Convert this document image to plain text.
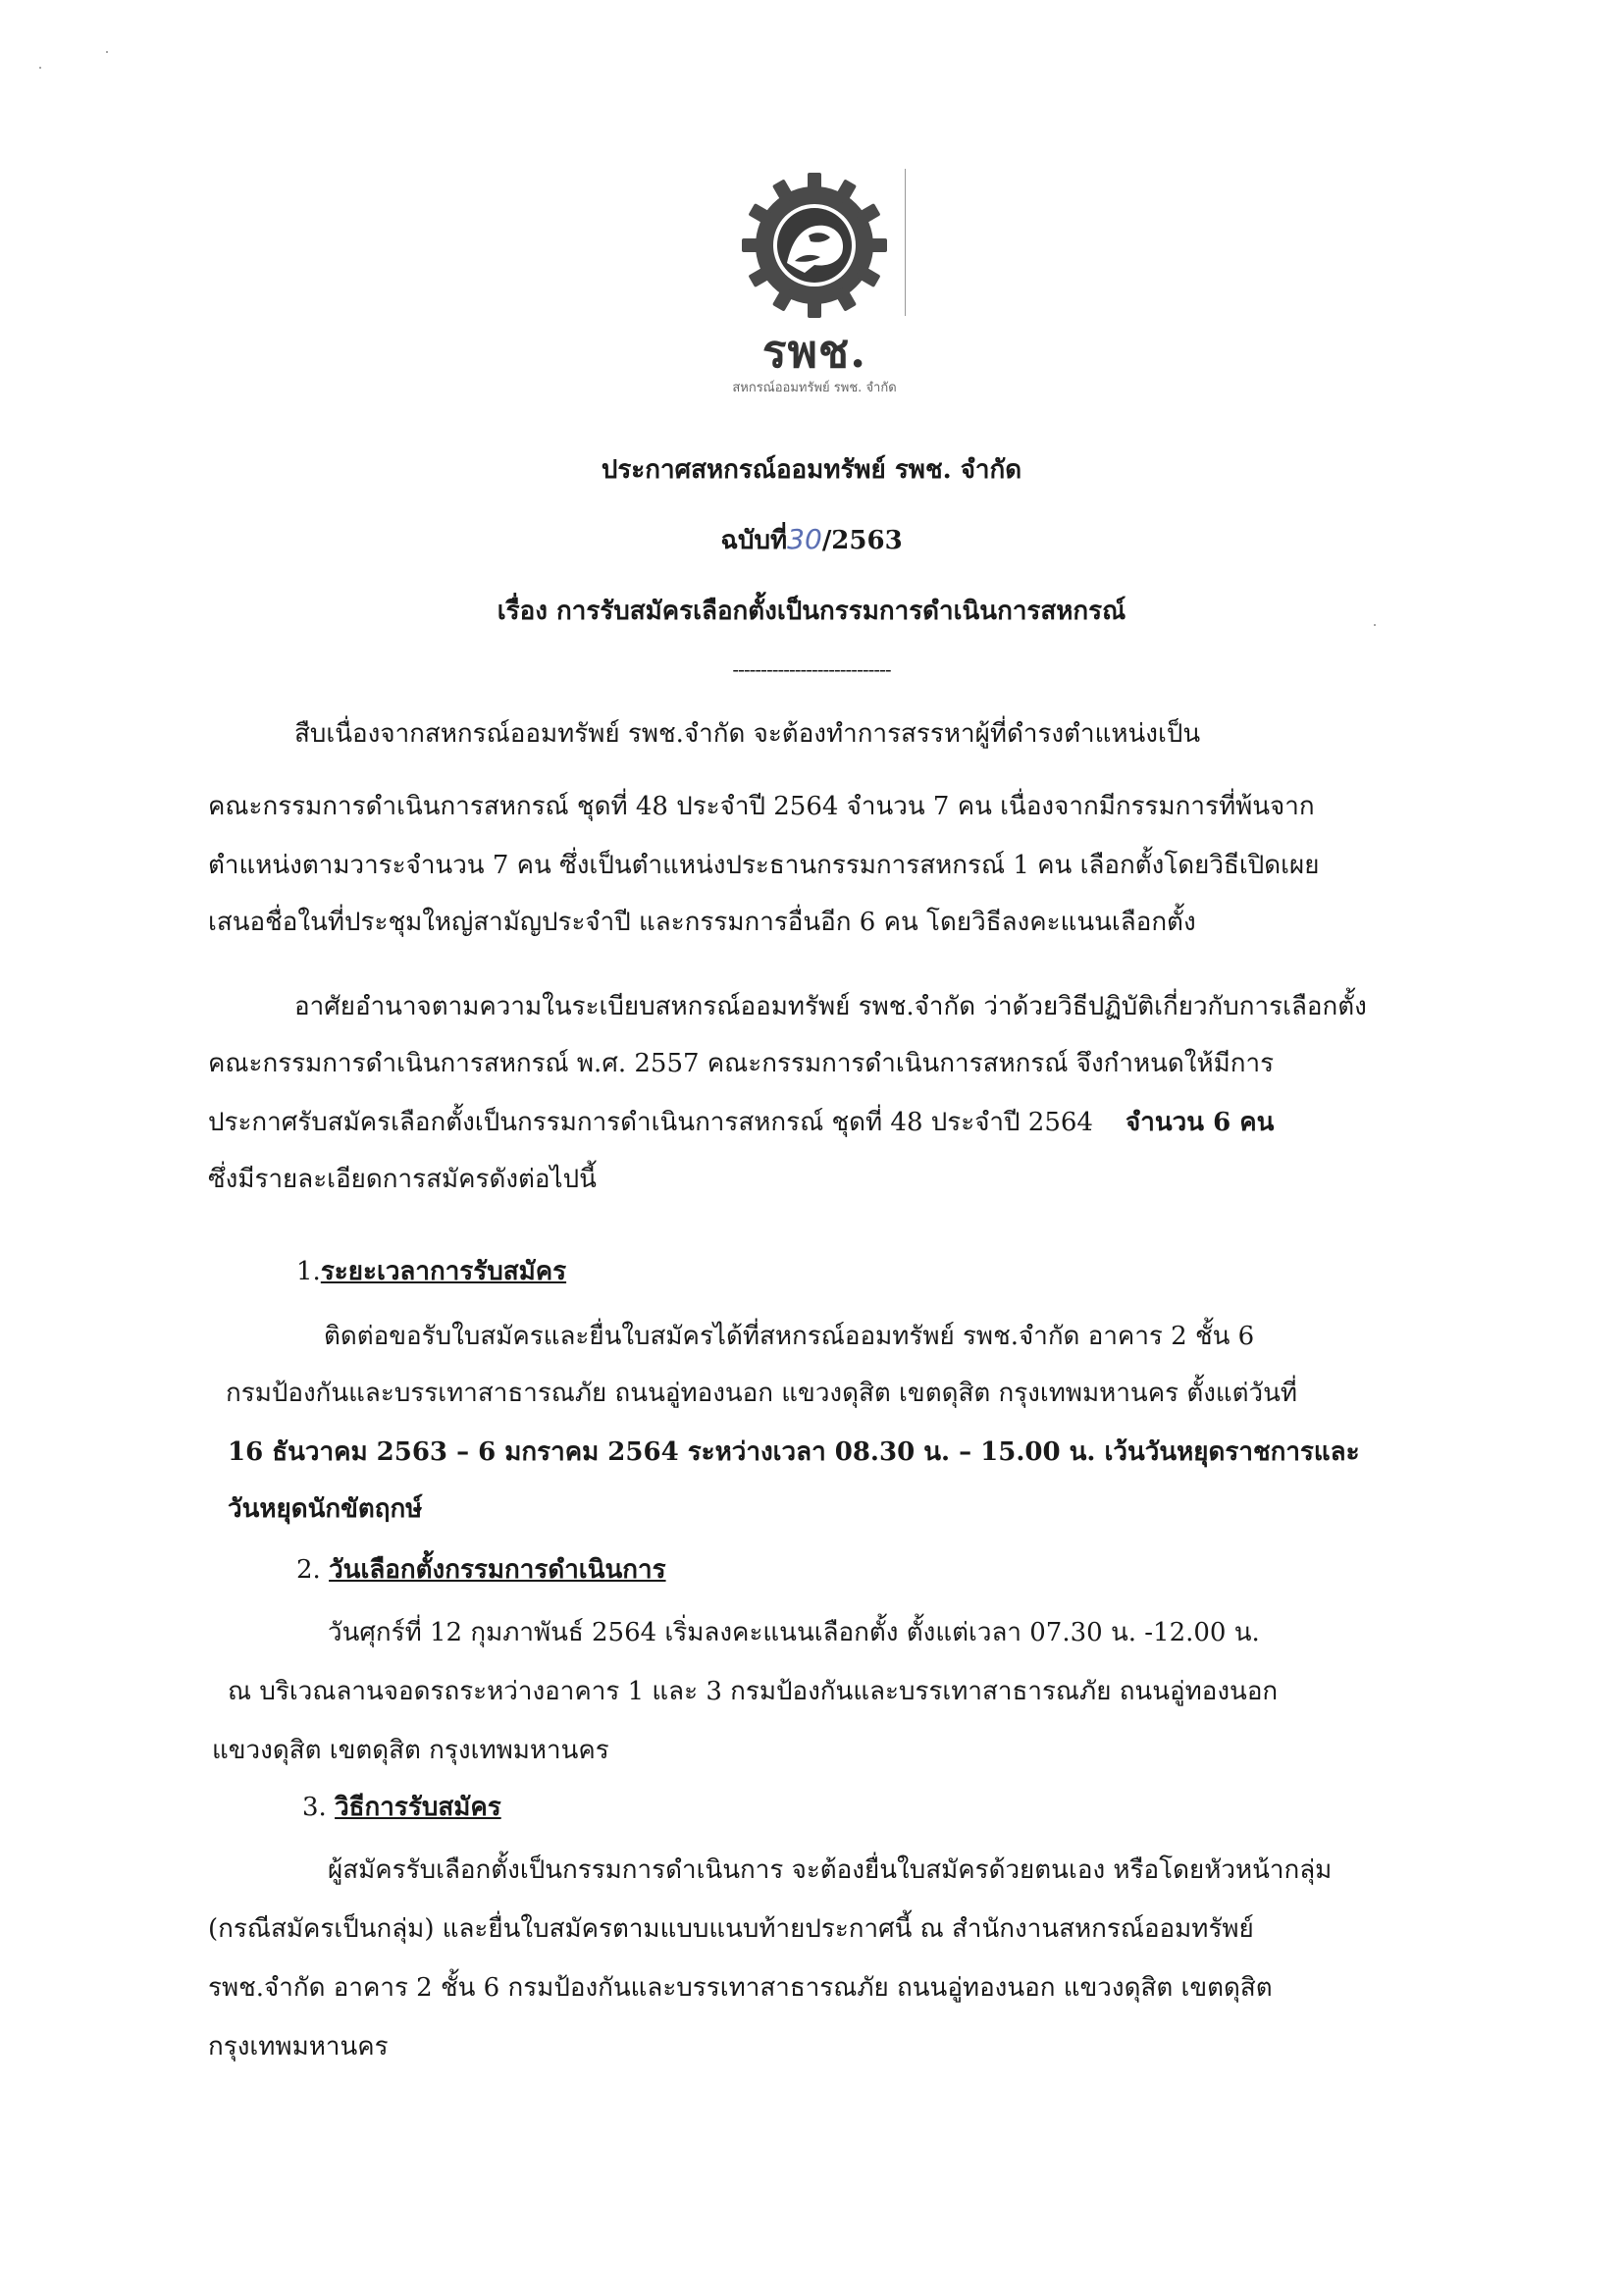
รพช.
สหกรณ์ออมทรัพย์ รพช. จำกัด
ประกาศสหกรณ์ออมทรัพย์ รพช. จำกัด
ฉบับที่30/2563
เรื่อง การรับสมัครเลือกตั้งเป็นกรรมการดำเนินการสหกรณ์
----------------------------
สืบเนื่องจากสหกรณ์ออมทรัพย์ รพช.จำกัด จะต้องทำการสรรหาผู้ที่ดำรงตำแหน่งเป็น
คณะกรรมการดำเนินการสหกรณ์ ชุดที่ 48 ประจำปี 2564 จำนวน 7 คน เนื่องจากมีกรรมการที่พ้นจาก
ตำแหน่งตามวาระจำนวน 7 คน ซึ่งเป็นตำแหน่งประธานกรรมการสหกรณ์ 1 คน เลือกตั้งโดยวิธีเปิดเผย
เสนอชื่อในที่ประชุมใหญ่สามัญประจำปี และกรรมการอื่นอีก 6 คน โดยวิธีลงคะแนนเลือกตั้ง
อาศัยอำนาจตามความในระเบียบสหกรณ์ออมทรัพย์ รพช.จำกัด ว่าด้วยวิธีปฏิบัติเกี่ยวกับการเลือกตั้ง
คณะกรรมการดำเนินการสหกรณ์ พ.ศ. 2557 คณะกรรมการดำเนินการสหกรณ์ จึงกำหนดให้มีการ
ประกาศรับสมัครเลือกตั้งเป็นกรรมการดำเนินการสหกรณ์ ชุดที่ 48 ประจำปี 2564 จำนวน 6 คน
ซึ่งมีรายละเอียดการสมัครดังต่อไปนี้
1.ระยะเวลาการรับสมัคร
ติดต่อขอรับใบสมัครและยื่นใบสมัครได้ที่สหกรณ์ออมทรัพย์ รพช.จำกัด อาคาร 2 ชั้น 6
กรมป้องกันและบรรเทาสาธารณภัย ถนนอู่ทองนอก แขวงดุสิต เขตดุสิต กรุงเทพมหานคร ตั้งแต่วันที่
16 ธันวาคม 2563 – 6 มกราคม 2564 ระหว่างเวลา 08.30 น. – 15.00 น. เว้นวันหยุดราชการและ
วันหยุดนักขัตฤกษ์
2. วันเลือกตั้งกรรมการดำเนินการ
วันศุกร์ที่ 12 กุมภาพันธ์ 2564 เริ่มลงคะแนนเลือกตั้ง ตั้งแต่เวลา 07.30 น. -12.00 น.
ณ บริเวณลานจอดรถระหว่างอาคาร 1 และ 3 กรมป้องกันและบรรเทาสาธารณภัย ถนนอู่ทองนอก
แขวงดุสิต เขตดุสิต กรุงเทพมหานคร
3. วิธีการรับสมัคร
ผู้สมัครรับเลือกตั้งเป็นกรรมการดำเนินการ จะต้องยื่นใบสมัครด้วยตนเอง หรือโดยหัวหน้ากลุ่ม
(กรณีสมัครเป็นกลุ่ม) และยื่นใบสมัครตามแบบแนบท้ายประกาศนี้ ณ สำนักงานสหกรณ์ออมทรัพย์
รพช.จำกัด อาคาร 2 ชั้น 6 กรมป้องกันและบรรเทาสาธารณภัย ถนนอู่ทองนอก แขวงดุสิต เขตดุสิต
กรุงเทพมหานคร
